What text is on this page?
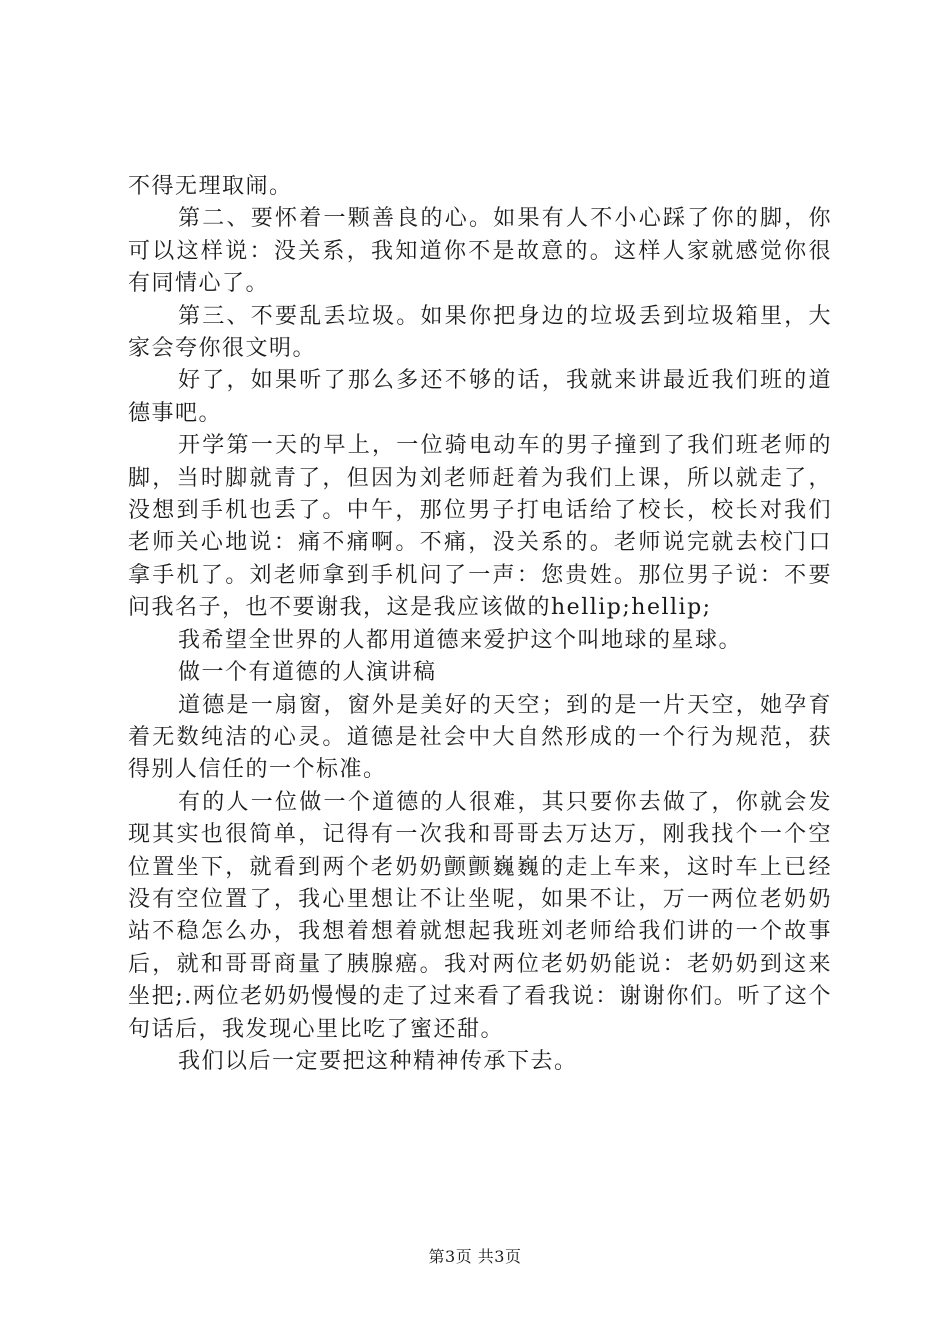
不得无理取闹。

第二、要怀着一颗善良的心。如果有人不小心踩了你的脚，你可以这样说：没关系，我知道你不是故意的。这样人家就感觉你很有同情心了。

第三、不要乱丢垃圾。如果你把身边的垃圾丢到垃圾箱里，大家会夸你很文明。

好了，如果听了那么多还不够的话，我就来讲最近我们班的道德事吧。

开学第一天的早上，一位骑电动车的男子撞到了我们班老师的脚，当时脚就青了，但因为刘老师赶着为我们上课，所以就走了，没想到手机也丢了。中午，那位男子打电话给了校长，校长对我们老师关心地说：痛不痛啊。不痛，没关系的。老师说完就去校门口拿手机了。刘老师拿到手机问了一声：您贵姓。那位男子说：不要问我名子，也不要谢我，这是我应该做的hellip;hellip;

我希望全世界的人都用道德来爱护这个叫地球的星球。

做一个有道德的人演讲稿

道德是一扇窗，窗外是美好的天空；到的是一片天空，她孕育着无数纯洁的心灵。道德是社会中大自然形成的一个行为规范，获得别人信任的一个标准。

有的人一位做一个道德的人很难，其只要你去做了，你就会发现其实也很简单，记得有一次我和哥哥去万达万，刚我找个一个空位置坐下，就看到两个老奶奶颤颤巍巍的走上车来，这时车上已经没有空位置了，我心里想让不让坐呢，如果不让，万一两位老奶奶站不稳怎么办，我想着想着就想起我班刘老师给我们讲的一个故事后，就和哥哥商量了胰腺癌。我对两位老奶奶能说：老奶奶到这来坐把;.两位老奶奶慢慢的走了过来看了看我说：谢谢你们。听了这个句话后，我发现心里比吃了蜜还甜。

我们以后一定要把这种精神传承下去。

第3页 共3页
